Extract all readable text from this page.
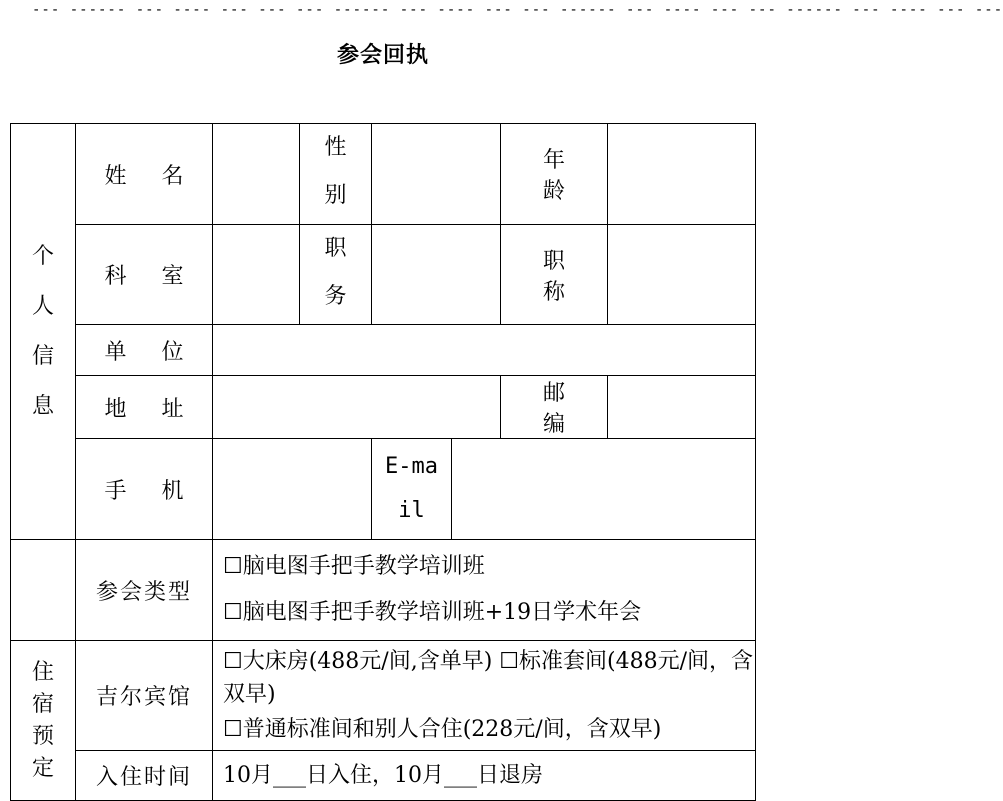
--- ------ --- ---- --- --- --- ------ --- ---- --- --- ------ --- ---- --- --- ------ --- ---- --- ---
参会回执
个人信息	姓 名		性别			年 龄	
	科 室		职务			职 称	
	单 位						
	地 址					邮 编	
	手 机			E-mail			
	参会类型	☐脑电图手把手教学培训班

☐脑电图手把手教学培训班+19日学术年会					

住宿预定	吉尔宾馆	☐大床房(488元/间,含单早) ☐标准套间(488元/间，含双早)

☐普通标准间和别人合住(228元/间，含双早)					

	入住时间	10月___日入住，10月___日退房					
